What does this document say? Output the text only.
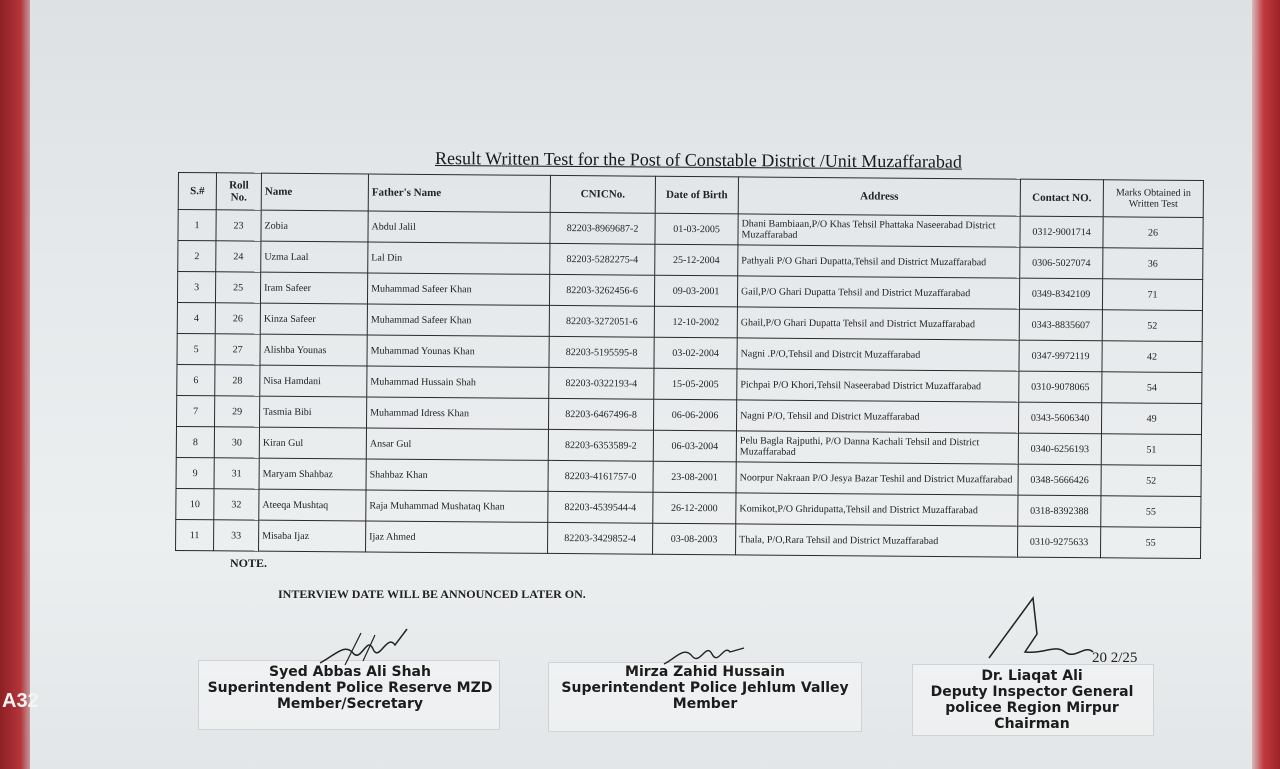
Result Written Test for the Post of Constable District /Unit Muzaffarabad
S.#	Roll No.	Name	Father's Name	CNICNo.	Date of Birth	Address	Contact NO.	Marks Obtained in Written Test
1	23	Zobia	Abdul Jalil	82203-8969687-2	01-03-2005	Dhani Bambiaan,P/O Khas Tehsil Phattaka Naseerabad District Muzaffarabad	0312-9001714	26
2	24	Uzma Laal	Lal Din	82203-5282275-4	25-12-2004	Pathyali P/O Ghari Dupatta,Tehsil and District Muzaffarabad	0306-5027074	36
3	25	Iram Safeer	Muhammad Safeer Khan	82203-3262456-6	09-03-2001	Gail,P/O Ghari Dupatta Tehsil and District Muzaffarabad	0349-8342109	71
4	26	Kinza Safeer	Muhammad Safeer Khan	82203-3272051-6	12-10-2002	Ghail,P/O Ghari Dupatta Tehsil and District Muzaffarabad	0343-8835607	52
5	27	Alishba Younas	Muhammad Younas Khan	82203-5195595-8	03-02-2004	Nagni .P/O,Tehsil and Distrcit Muzaffarabad	0347-9972119	42
6	28	Nisa Hamdani	Muhammad Hussain Shah	82203-0322193-4	15-05-2005	Pichpai P/O Khori,Tehsil Naseerabad District Muzaffarabad	0310-9078065	54
7	29	Tasmia Bibi	Muhammad Idress Khan	82203-6467496-8	06-06-2006	Nagni P/O, Tehsil and District Muzaffarabad	0343-5606340	49
8	30	Kiran Gul	Ansar Gul	82203-6353589-2	06-03-2004	Pelu Bagla Rajputhi, P/O Danna Kachali Tehsil and District Muzaffarabad	0340-6256193	51
9	31	Maryam Shahbaz	Shahbaz Khan	82203-4161757-0	23-08-2001	Noorpur Nakraan P/O Jesya Bazar Teshil and District Muzaffarabad	0348-5666426	52
10	32	Ateeqa Mushtaq	Raja Muhammad Mushataq Khan	82203-4539544-4	26-12-2000	Komikot,P/O Ghridupatta,Tehsil and District Muzaffarabad	0318-8392388	55
11	33	Misaba Ijaz	Ijaz Ahmed	82203-3429852-4	03-08-2003	Thala, P/O,Rara Tehsil and District Muzaffarabad	0310-9275633	55
NOTE.
INTERVIEW DATE WILL BE ANNOUNCED LATER ON.
Syed Abbas Ali Shah
Superintendent Police Reserve MZD
Member/Secretary
Mirza Zahid Hussain
Superintendent Police Jehlum Valley
Member
20 2/25
Dr. Liaqat Ali
Deputy Inspector General
policee Region Mirpur
Chairman
A32
